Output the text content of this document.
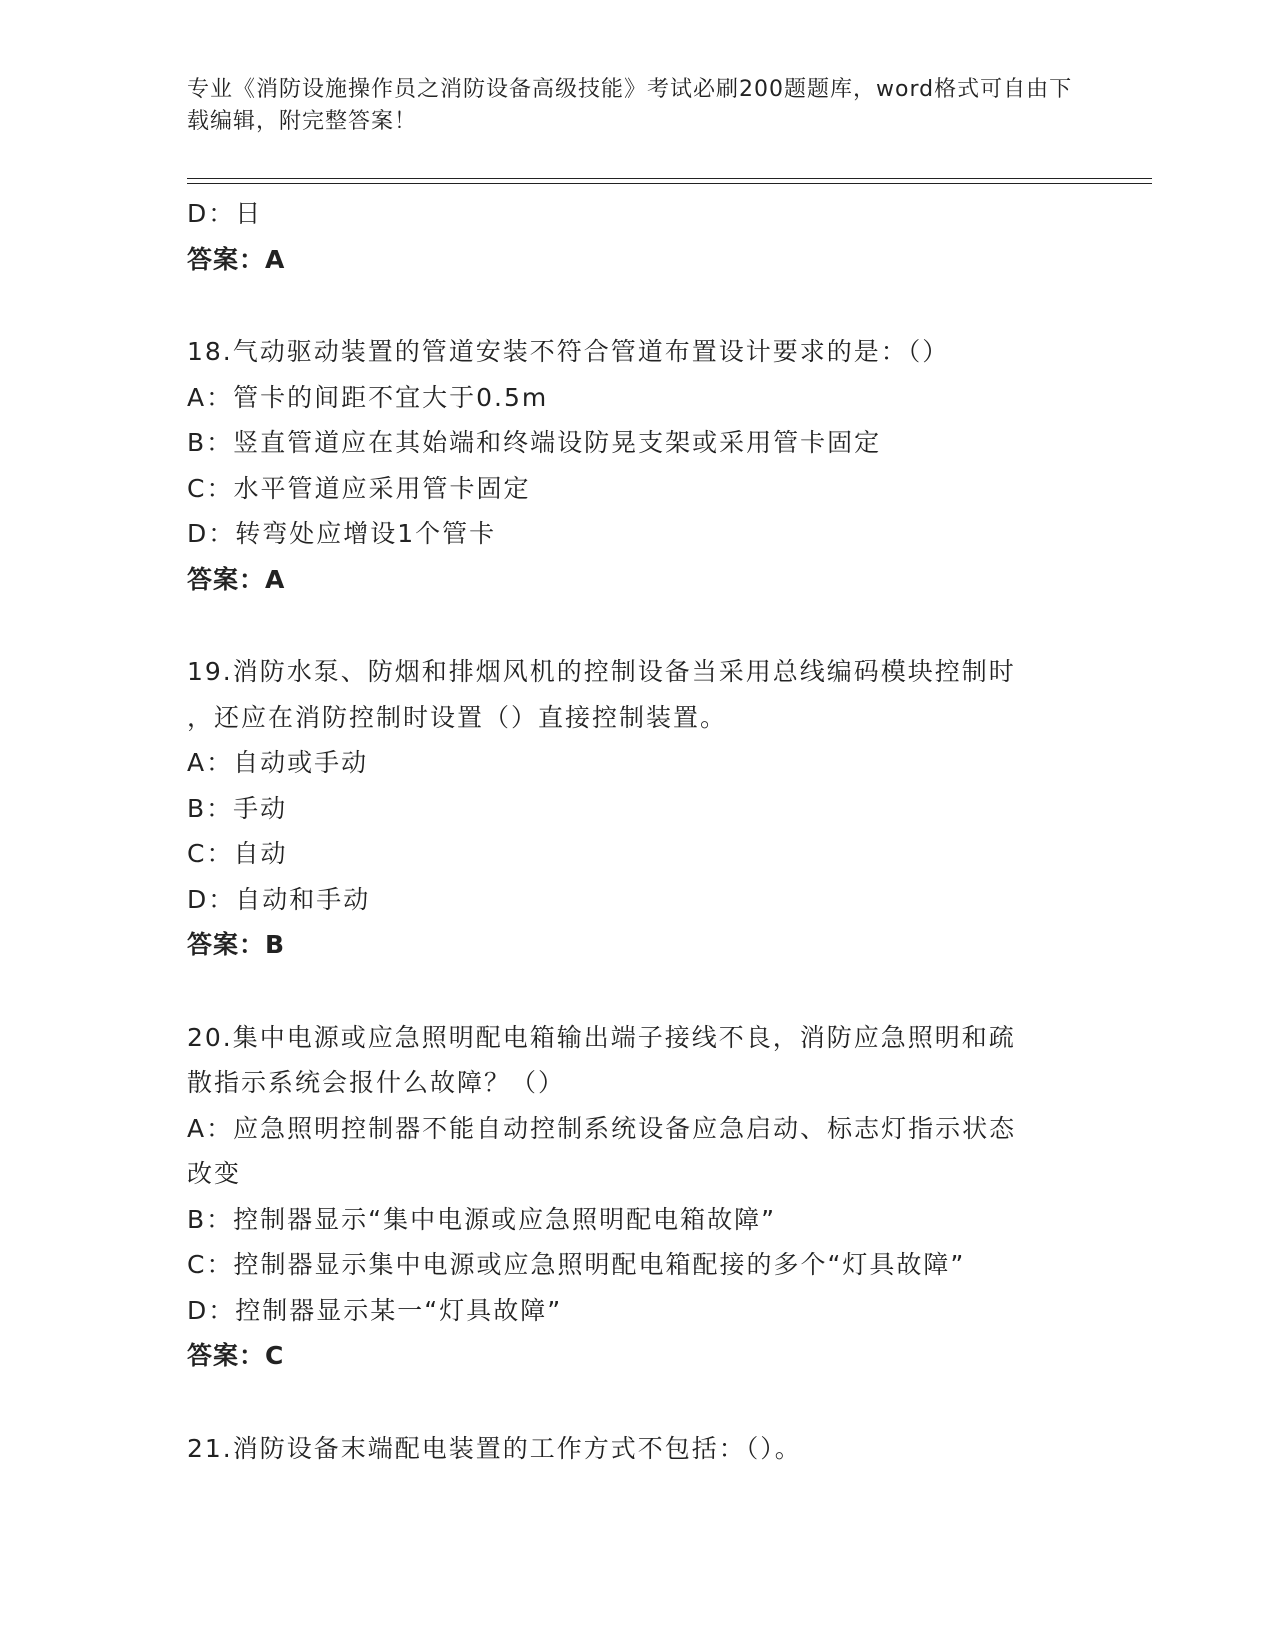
专业《消防设施操作员之消防设备高级技能》考试必刷200题题库，word格式可自由下载编辑，附完整答案！
D：日
答案：A
18.气动驱动装置的管道安装不符合管道布置设计要求的是：（）
A：管卡的间距不宜大于0.5m
B：竖直管道应在其始端和终端设防晃支架或采用管卡固定
C：水平管道应采用管卡固定
D：转弯处应增设1个管卡
答案：A
19.消防水泵、防烟和排烟风机的控制设备当采用总线编码模块控制时
，还应在消防控制时设置（）直接控制装置。
A：自动或手动
B：手动
C：自动
D：自动和手动
答案：B
20.集中电源或应急照明配电箱输出端子接线不良，消防应急照明和疏
散指示系统会报什么故障？（）
A：应急照明控制器不能自动控制系统设备应急启动、标志灯指示状态
改变
B：控制器显示“集中电源或应急照明配电箱故障”
C：控制器显示集中电源或应急照明配电箱配接的多个“灯具故障”
D：控制器显示某一“灯具故障”
答案：C
21.消防设备末端配电装置的工作方式不包括：（）。
